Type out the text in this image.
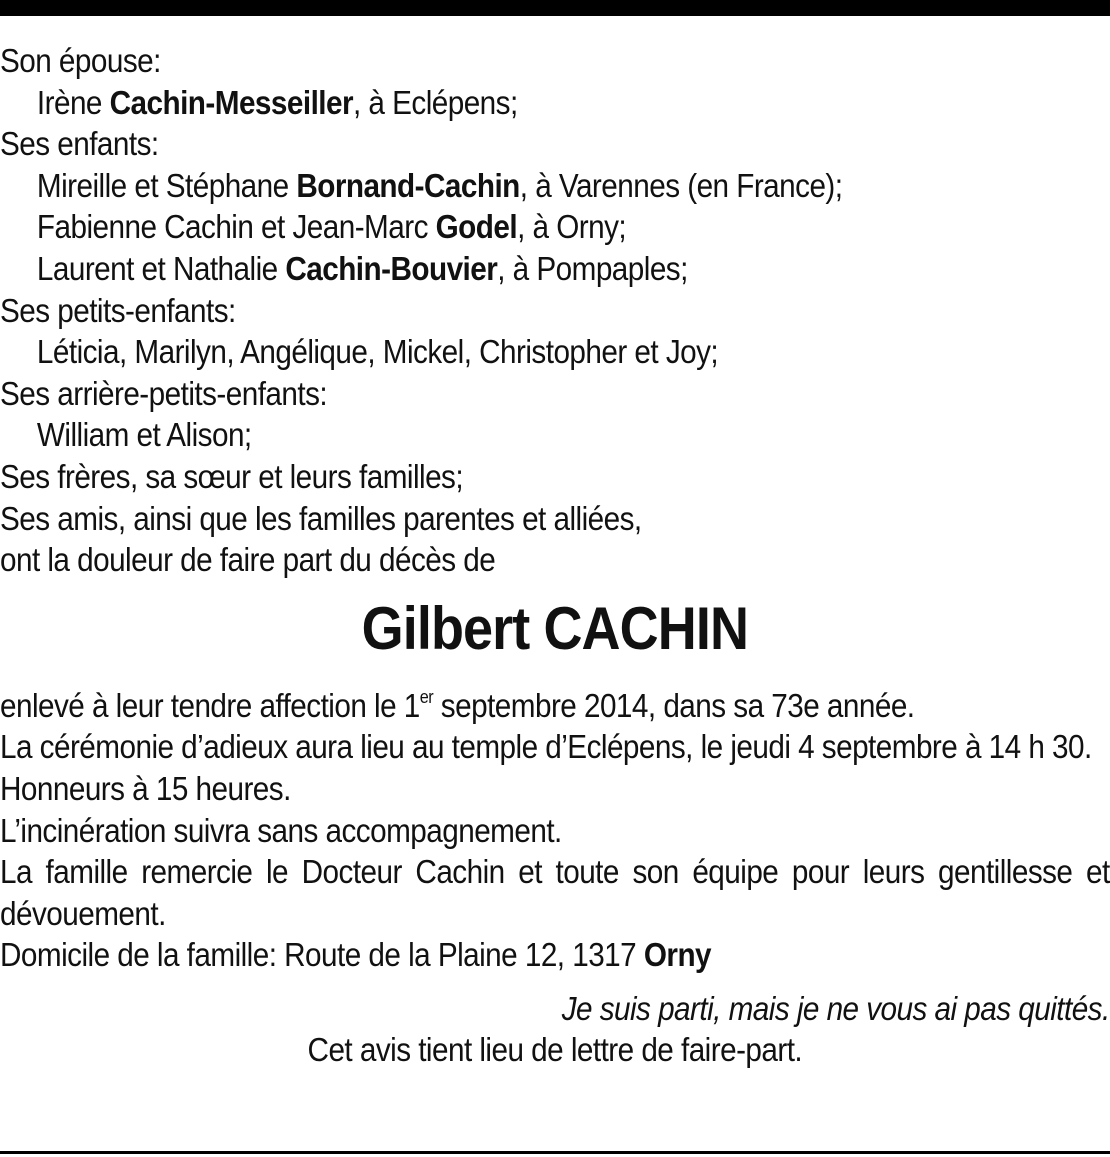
Son épouse:
Irène Cachin-Messeiller, à Eclépens;
Ses enfants:
Mireille et Stéphane Bornand-Cachin, à Varennes (en France);
Fabienne Cachin et Jean-Marc Godel, à Orny;
Laurent et Nathalie Cachin-Bouvier, à Pompaples;
Ses petits-enfants:
Léticia, Marilyn, Angélique, Mickel, Christopher et Joy;
Ses arrière-petits-enfants:
William et Alison;
Ses frères, sa sœur et leurs familles;
Ses amis, ainsi que les familles parentes et alliées,
ont la douleur de faire part du décès de
Gilbert CACHIN
enlevé à leur tendre affection le 1er septembre 2014, dans sa 73e année.
La cérémonie d’adieux aura lieu au temple d’Eclépens, le jeudi 4 septembre à 14 h 30.
Honneurs à 15 heures.
L’incinération suivra sans accompagnement.
La famille remercie le Docteur Cachin et toute son équipe pour leurs gentillesse et dévouement.
Domicile de la famille: Route de la Plaine 12, 1317 Orny
Je suis parti, mais je ne vous ai pas quittés.
Cet avis tient lieu de lettre de faire-part.
